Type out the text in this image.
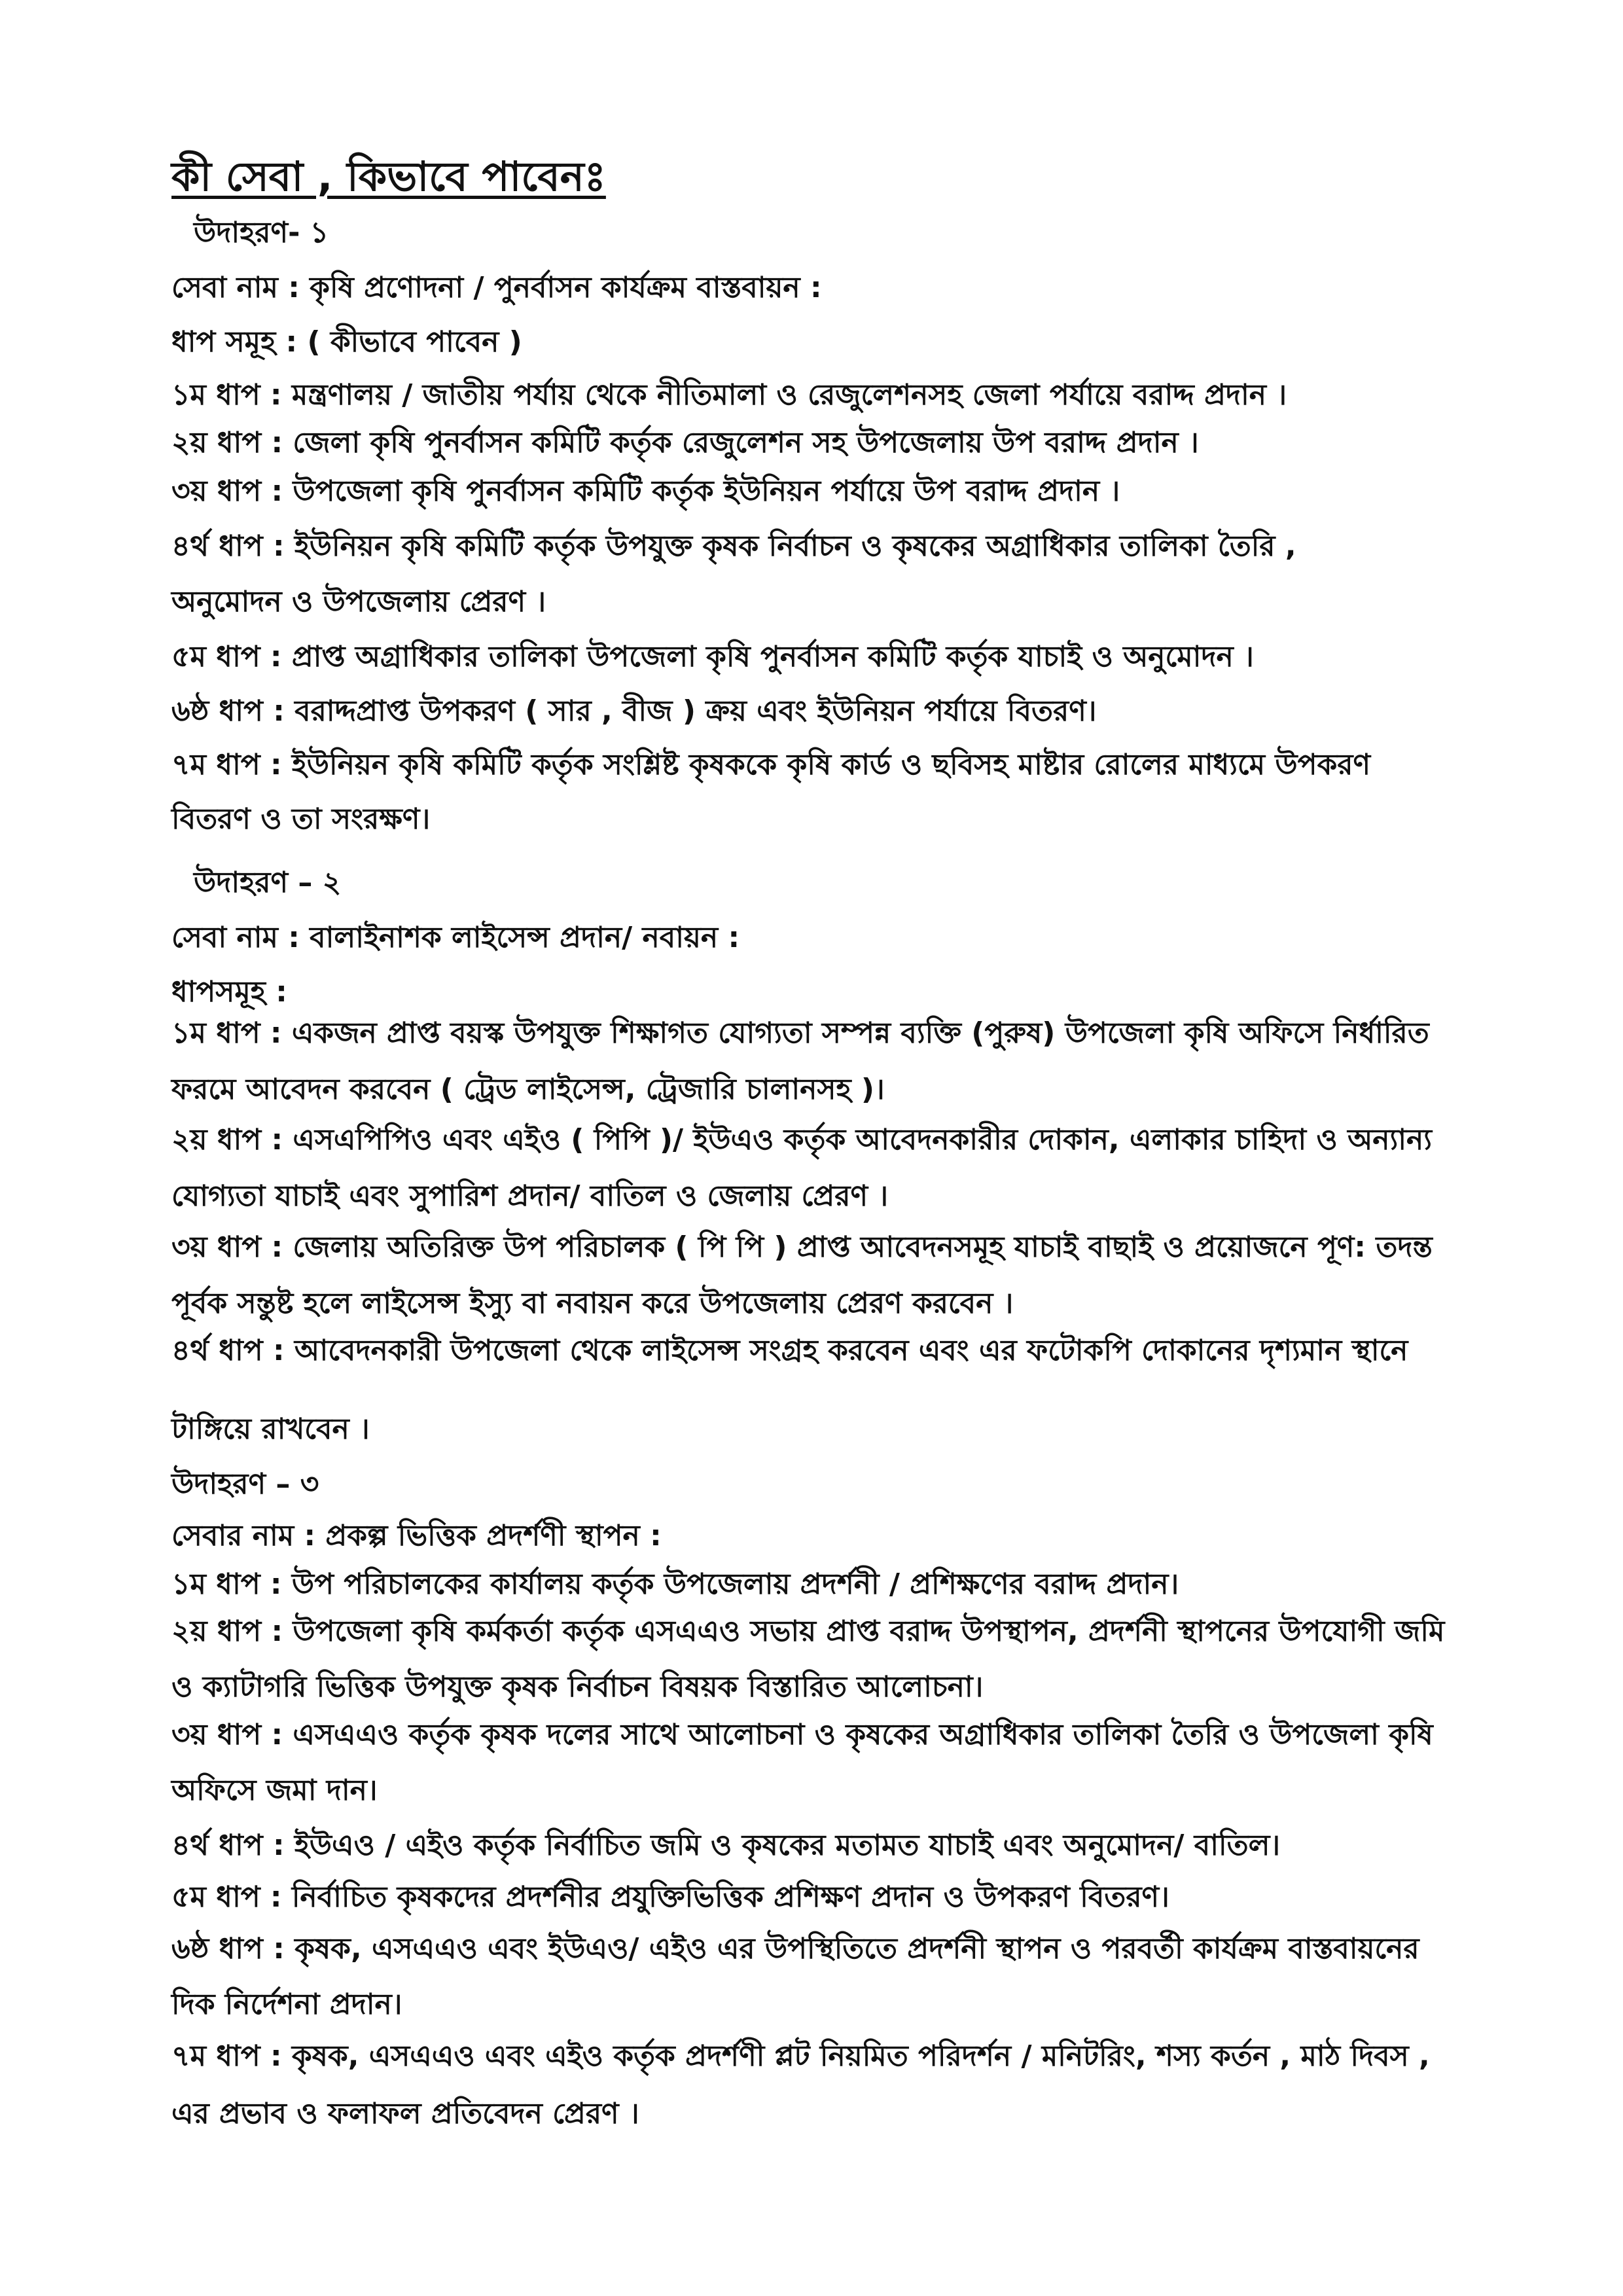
কী সেবা , কিভাবে পাবেনঃ
উদাহরণ- ১
সেবা নাম : কৃষি প্রণোদনা / পুনর্বাসন কার্যক্রম বাস্তবায়ন :
ধাপ সমূহ : ( কীভাবে পাবেন )
১ম ধাপ : মন্ত্রণালয় / জাতীয় পর্যায় থেকে নীতিমালা ও রেজুলেশনসহ জেলা পর্যায়ে বরাদ্দ প্রদান ।
২য় ধাপ : জেলা কৃষি পুনর্বাসন কমিটি কর্তৃক রেজুলেশন সহ উপজেলায় উপ বরাদ্দ প্রদান ।
৩য় ধাপ : উপজেলা কৃষি পুনর্বাসন কমিটি কর্তৃক ইউনিয়ন পর্যায়ে উপ বরাদ্দ প্রদান ।
৪র্থ ধাপ : ইউনিয়ন কৃষি কমিটি কর্তৃক উপযুক্ত কৃষক নির্বাচন ও কৃষকের অগ্রাধিকার তালিকা তৈরি ,
অনুমোদন ও উপজেলায় প্রেরণ ।
৫ম ধাপ : প্রাপ্ত অগ্রাধিকার তালিকা উপজেলা কৃষি পুনর্বাসন কমিটি কর্তৃক যাচাই ও অনুমোদন ।
৬ষ্ঠ ধাপ : বরাদ্দপ্রাপ্ত উপকরণ ( সার , বীজ ) ক্রয় এবং ইউনিয়ন পর্যায়ে বিতরণ।
৭ম ধাপ : ইউনিয়ন কৃষি কমিটি কর্তৃক সংশ্লিষ্ট কৃষককে কৃষি কার্ড ও ছবিসহ মাষ্টার রোলের মাধ্যমে উপকরণ
বিতরণ ও তা সংরক্ষণ।
উদাহরণ – ২
সেবা নাম : বালাইনাশক লাইসেন্স প্রদান/ নবায়ন :
ধাপসমূহ :
১ম ধাপ : একজন প্রাপ্ত বয়স্ক উপযুক্ত শিক্ষাগত যোগ্যতা সম্পন্ন ব্যক্তি (পুরুষ) উপজেলা কৃষি অফিসে নির্ধারিত
ফরমে আবেদন করবেন ( ট্রেড লাইসেন্স, ট্রেজারি চালানসহ )।
২য় ধাপ : এসএপিপিও এবং এইও ( পিপি )/ ইউএও কর্তৃক আবেদনকারীর দোকান, এলাকার চাহিদা ও অন্যান্য
যোগ্যতা যাচাই এবং সুপারিশ প্রদান/ বাতিল ও জেলায় প্রেরণ ।
৩য় ধাপ : জেলায় অতিরিক্ত উপ পরিচালক ( পি পি ) প্রাপ্ত আবেদনসমূহ যাচাই বাছাই ও প্রয়োজনে পূণ: তদন্ত
পূর্বক সন্তুষ্ট হলে লাইসেন্স ইস্যু বা নবায়ন করে উপজেলায় প্রেরণ করবেন ।
৪র্থ ধাপ : আবেদনকারী উপজেলা থেকে লাইসেন্স সংগ্রহ করবেন এবং এর ফটোকপি দোকানের দৃশ্যমান স্থানে
টাঙ্গিয়ে রাখবেন ।
উদাহরণ – ৩
সেবার নাম : প্রকল্প ভিত্তিক প্রদর্শণী স্থাপন :
১ম ধাপ : উপ পরিচালকের কার্যালয় কর্তৃক উপজেলায় প্রদর্শনী / প্রশিক্ষণের বরাদ্দ প্রদান।
২য় ধাপ : উপজেলা কৃষি কর্মকর্তা কর্তৃক এসএএও সভায় প্রাপ্ত বরাদ্দ উপস্থাপন, প্রদর্শনী স্থাপনের উপযোগী জমি
ও ক্যাটাগরি ভিত্তিক উপযুক্ত কৃষক নির্বাচন বিষয়ক বিস্তারিত আলোচনা।
৩য় ধাপ : এসএএও কর্তৃক কৃষক দলের সাথে আলোচনা ও কৃষকের অগ্রাধিকার তালিকা তৈরি ও উপজেলা কৃষি
অফিসে জমা দান।
৪র্থ ধাপ : ইউএও / এইও কর্তৃক নির্বাচিত জমি ও কৃষকের মতামত যাচাই এবং অনুমোদন/ বাতিল।
৫ম ধাপ : নির্বাচিত কৃষকদের প্রদর্শনীর প্রযুক্তিভিত্তিক প্রশিক্ষণ প্রদান ও উপকরণ বিতরণ।
৬ষ্ঠ ধাপ : কৃষক, এসএএও এবং ইউএও/ এইও এর উপস্থিতিতে প্রদর্শনী স্থাপন ও পরবর্তী কার্যক্রম বাস্তবায়নের
দিক নির্দেশনা প্রদান।
৭ম ধাপ : কৃষক, এসএএও এবং এইও কর্তৃক প্রদর্শণী প্লট নিয়মিত পরিদর্শন / মনিটরিং, শস্য কর্তন , মাঠ দিবস ,
এর প্রভাব ও ফলাফল প্রতিবেদন প্রেরণ ।
